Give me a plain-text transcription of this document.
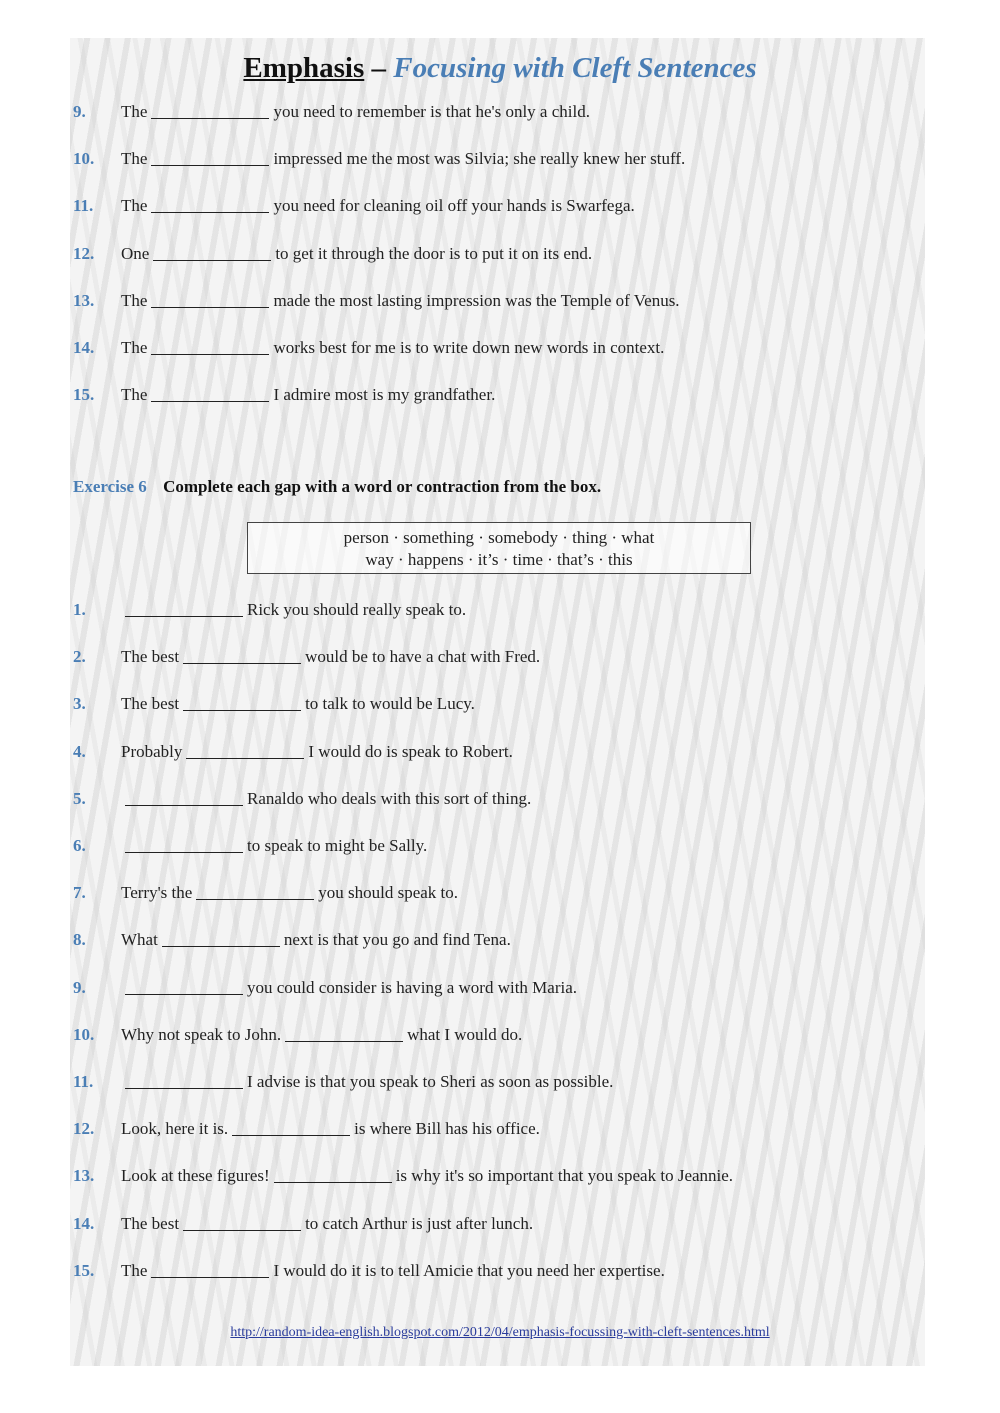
Emphasis – Focusing with Cleft Sentences
9. The	you need to remember is that he's only a child.
10. The	impressed me the most was Silvia; she really knew her stuff.
11. The	you need for cleaning oil off your hands is Swarfega.
12. One	to get it through the door is to put it on its end.
13. The	made the most lasting impression was the Temple of Venus.
14. The	works best for me is to write down new words in context.
15. The	I admire most is my grandfather.
Exercise 6 Complete each gap with a word or contraction from the box.
person · something · somebody · thing · what
way · happens · it’s · time · that’s · this
1.	Rick you should really speak to.
2. The best	would be to have a chat with Fred.
3. The best	to talk to would be Lucy.
4. Probably	I would do is speak to Robert.
5.	Ranaldo who deals with this sort of thing.
6.	to speak to might be Sally.
7. Terry's the	you should speak to.
8. What	next is that you go and find Tena.
9.	you could consider is having a word with Maria.
10. Why not speak to John.	what I would do.
11.	I advise is that you speak to Sheri as soon as possible.
12. Look, here it is.	is where Bill has his office.
13. Look at these figures!	is why it's so important that you speak to Jeannie.
14. The best	to catch Arthur is just after lunch.
15. The	I would do it is to tell Amicie that you need her expertise.
http://random-idea-english.blogspot.com/2012/04/emphasis-focussing-with-cleft-sentences.html
